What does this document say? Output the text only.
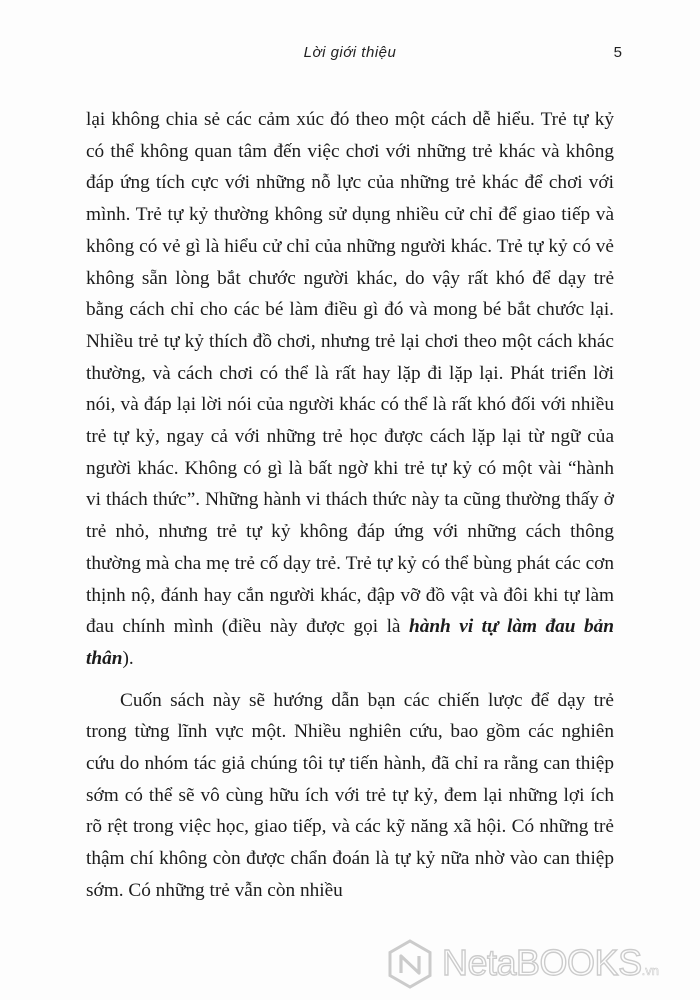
Lời giới thiệu	5

lại không chia sẻ các cảm xúc đó theo một cách dễ hiểu. Trẻ tự kỷ có thể không quan tâm đến việc chơi với những trẻ khác và không đáp ứng tích cực với những nỗ lực của những trẻ khác để chơi với mình. Trẻ tự kỷ thường không sử dụng nhiều cử chỉ để giao tiếp và không có vẻ gì là hiểu cử chỉ của những người khác. Trẻ tự kỷ có vẻ không sẵn lòng bắt chước người khác, do vậy rất khó để dạy trẻ bằng cách chỉ cho các bé làm điều gì đó và mong bé bắt chước lại. Nhiều trẻ tự kỷ thích đồ chơi, nhưng trẻ lại chơi theo một cách khác thường, và cách chơi có thể là rất hay lặp đi lặp lại. Phát triển lời nói, và đáp lại lời nói của người khác có thể là rất khó đối với nhiều trẻ tự kỷ, ngay cả với những trẻ học được cách lặp lại từ ngữ của người khác. Không có gì là bất ngờ khi trẻ tự kỷ có một vài “hành vi thách thức”. Những hành vi thách thức này ta cũng thường thấy ở trẻ nhỏ, nhưng trẻ tự kỷ không đáp ứng với những cách thông thường mà cha mẹ trẻ cố dạy trẻ. Trẻ tự kỷ có thể bùng phát các cơn thịnh nộ, đánh hay cắn người khác, đập vỡ đồ vật và đôi khi tự làm đau chính mình (điều này được gọi là hành vi tự làm đau bản thân).

Cuốn sách này sẽ hướng dẫn bạn các chiến lược để dạy trẻ trong từng lĩnh vực một. Nhiều nghiên cứu, bao gồm các nghiên cứu do nhóm tác giả chúng tôi tự tiến hành, đã chỉ ra rằng can thiệp sớm có thể sẽ vô cùng hữu ích với trẻ tự kỷ, đem lại những lợi ích rõ rệt trong việc học, giao tiếp, và các kỹ năng xã hội. Có những trẻ thậm chí không còn được chẩn đoán là tự kỷ nữa nhờ vào can thiệp sớm. Có những trẻ vẫn còn nhiều

NetaBOOKS.vn
